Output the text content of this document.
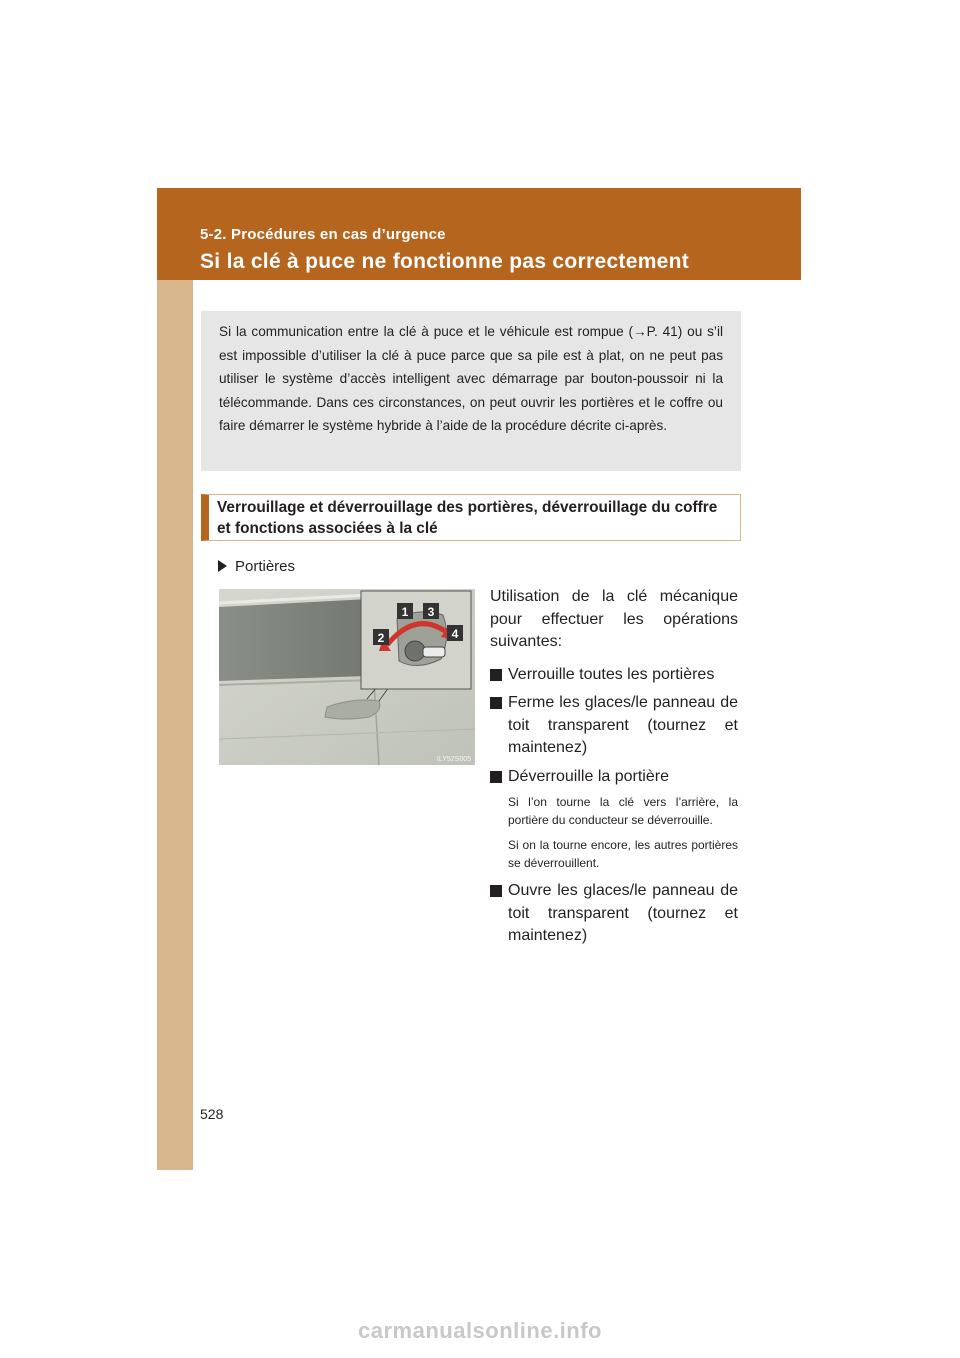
5-2. Procédures en cas d’urgence
Si la clé à puce ne fonctionne pas correctement

Si la communication entre la clé à puce et le véhicule est rompue (→P. 41) ou s’il est impossible d’utiliser la clé à puce parce que sa pile est à plat, on ne peut pas utiliser le système d’accès intelligent avec démarrage par bouton-poussoir ni la télécommande. Dans ces circonstances, on peut ouvrir les portières et le coffre ou faire démarrer le système hybride à l’aide de la procédure décrite ci-après.

Verrouillage et déverrouillage des portières, déverrouillage du coffre et fonctions associées à la clé
Portières
1 3
2	4
ILY52S005

Utilisation de la clé mécanique pour effectuer les opérations suivantes:

Verrouille toutes les portières
Ferme les glaces/le panneau de toit transparent (tournez et maintenez)
Déverrouille la portière

Si l’on tourne la clé vers l’arrière, la portière du conducteur se déverrouille.

Si on la tourne encore, les autres portières se déverrouillent.

Ouvre les glaces/le panneau de toit transparent (tournez et maintenez)
528
carmanualsonline.info
